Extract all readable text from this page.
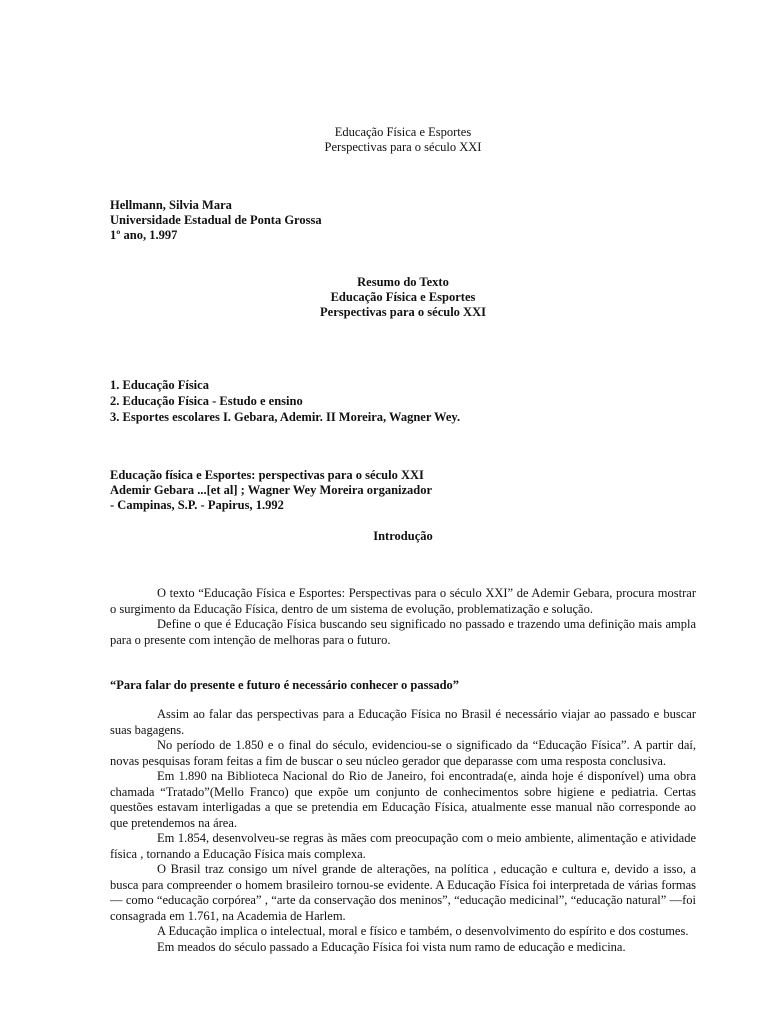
Educação Física e Esportes
Perspectivas para o século XXI
Hellmann, Silvia Mara
Universidade Estadual de Ponta Grossa
1º ano, 1.997
Resumo do Texto
Educação Física e Esportes
Perspectivas para o século XXI
1. Educação Física
2. Educação Física - Estudo e ensino
3. Esportes escolares I. Gebara, Ademir. II Moreira, Wagner Wey.
Educação física e Esportes: perspectivas para o século XXI
Ademir Gebara ...[et al] ; Wagner Wey Moreira organizador
- Campinas, S.P. - Papirus, 1.992
Introdução

O texto “Educação Física e Esportes: Perspectivas para o século XXI” de Ademir Gebara, procura mostrar o surgimento da Educação Física, dentro de um sistema de evolução, problematização e solução.

Define o que é Educação Física buscando seu significado no passado e trazendo uma definição mais ampla para o presente com intenção de melhoras para o futuro.

“Para falar do presente e futuro é necessário conhecer o passado”

Assim ao falar das perspectivas para a Educação Física no Brasil é necessário viajar ao passado e buscar suas bagagens.

No período de 1.850 e o final do século, evidenciou-se o significado da “Educação Física”. A partir daí, novas pesquisas foram feitas a fim de buscar o seu núcleo gerador que deparasse com uma resposta conclusiva.

Em 1.890 na Biblioteca Nacional do Rio de Janeiro, foi encontrada(e, ainda hoje é disponível) uma obra chamada “Tratado”(Mello Franco) que expõe um conjunto de conhecimentos sobre higiene e pediatria. Certas questões estavam interligadas a que se pretendia em Educação Física, atualmente esse manual não corresponde ao que pretendemos na área.

Em 1.854, desenvolveu-se regras às mães com preocupação com o meio ambiente, alimentação e atividade física , tornando a Educação Física mais complexa.

O Brasil traz consigo um nível grande de alterações, na política , educação e cultura e, devido a isso, a busca para compreender o homem brasileiro tornou-se evidente. A Educação Física foi interpretada de várias formas — como “educação corpórea” , “arte da conservação dos meninos”, “educação medicinal”, “educação natural” —foi consagrada em 1.761, na Academia de Harlem.

A Educação implica o intelectual, moral e físico e também, o desenvolvimento do espírito e dos costumes.

Em meados do século passado a Educação Física foi vista num ramo de educação e medicina.
